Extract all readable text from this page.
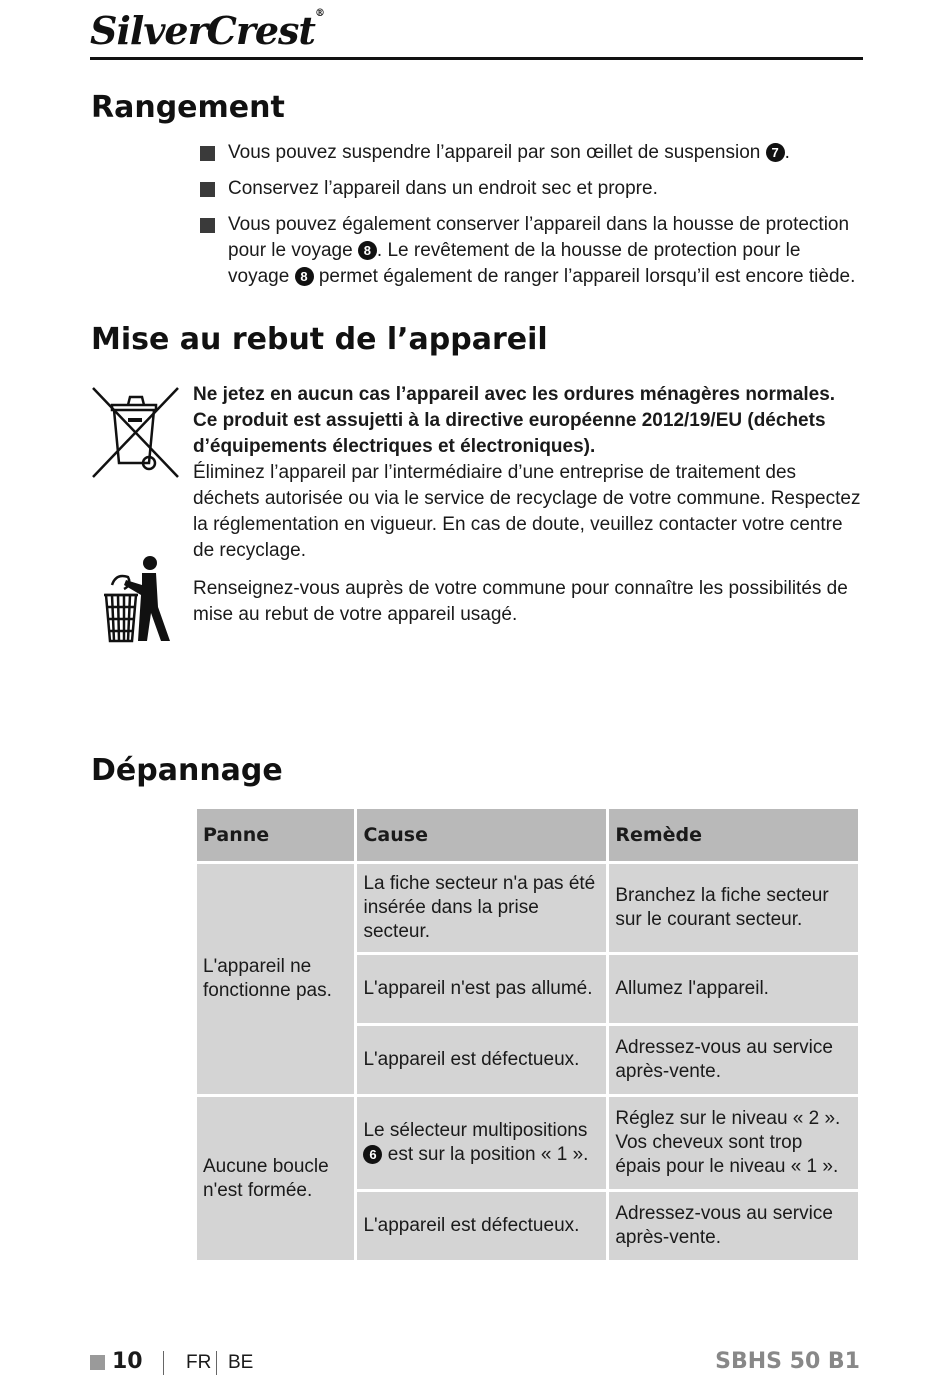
SilverCrest®
Rangement
Vous pouvez suspendre l’appareil par son œillet de suspension 7 .
Conservez l’appareil dans un endroit sec et propre.
Vous pouvez également conserver l’appareil dans la housse de protection pour le voyage 8 . Le revêtement de la housse de protection pour le voyage 8 permet également de ranger l’appareil lorsqu’il est encore tiède.
Mise au rebut de l’appareil
Ne jetez en aucun cas l’appareil avec les ordures ménagères normales. Ce produit est assujetti à la directive européenne 2012/19/EU (déchets d’équipements électriques et électroniques).
Éliminez l’appareil par l’intermédiaire d’une entreprise de traitement des déchets autorisée ou via le service de recyclage de votre commune. Respectez la réglementation en vigueur. En cas de doute, veuillez contacter votre centre de recyclage.
Renseignez-vous auprès de votre commune pour connaître les possibilités de mise au rebut de votre appareil usagé.
Dépannage
Panne	Cause	Remède
L'appareil ne fonctionne pas.	La fiche secteur n'a pas été insérée dans la prise secteur.	Branchez la fiche secteur sur le courant secteur.
	L'appareil n'est pas allumé.	Allumez l'appareil.
	L'appareil est défectueux.	Adressez-vous au service après-vente.
Aucune boucle n'est formée.	Le sélecteur multipositions 6 est sur la position « 1 ».	Réglez sur le niveau « 2 ». Vos cheveux sont trop épais pour le niveau « 1 ».
	L'appareil est défectueux.	Adressez-vous au service après-vente.
10 FR BE	SBHS 50 B1
